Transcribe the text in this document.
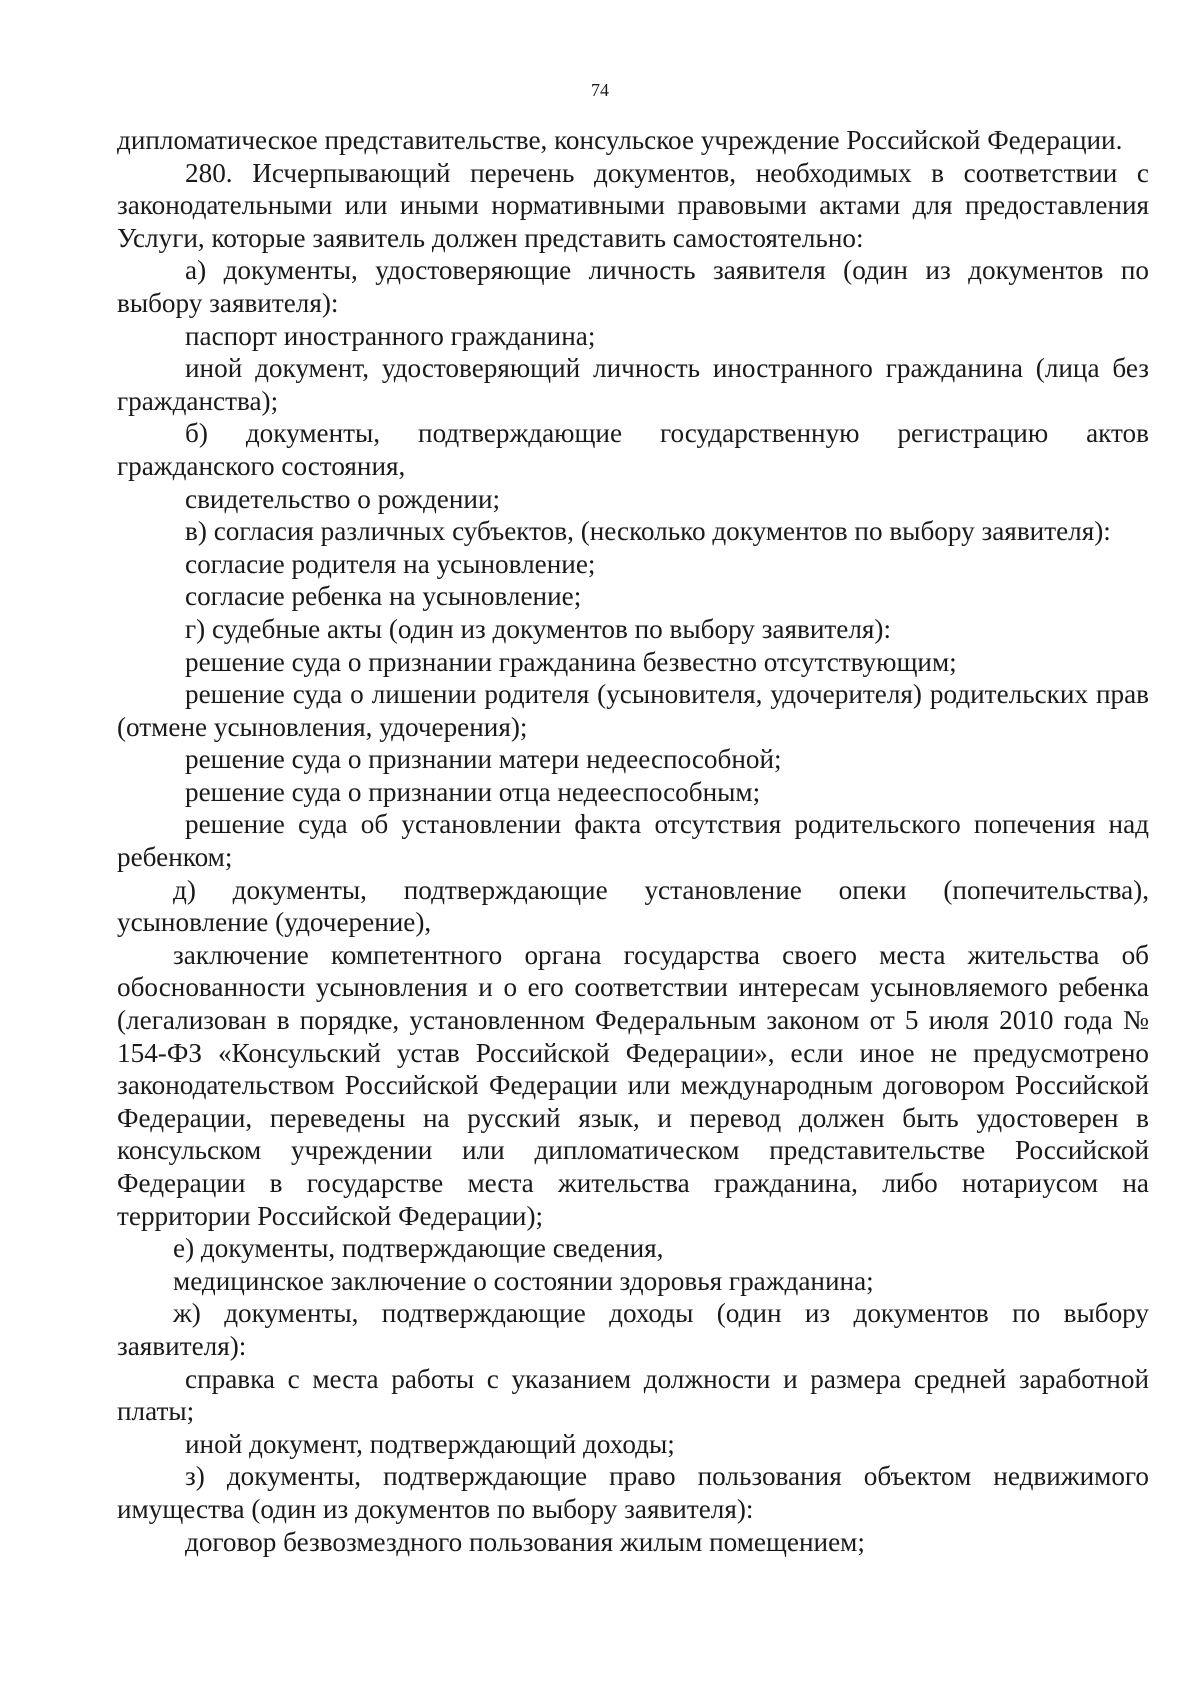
74

дипломатическое представительстве, консульское учреждение Российской Федерации.

280. Исчерпывающий перечень документов, необходимых в соответствии с законодательными или иными нормативными правовыми актами для предоставления Услуги, которые заявитель должен представить самостоятельно:

а) документы, удостоверяющие личность заявителя (один из документов по выбору заявителя):

паспорт иностранного гражданина;

иной документ, удостоверяющий личность иностранного гражданина (лица без гражданства);

б) документы, подтверждающие государственную регистрацию актов гражданского состояния,

свидетельство о рождении;

в) согласия различных субъектов, (несколько документов по выбору заявителя):

согласие родителя на усыновление;

согласие ребенка на усыновление;

г) судебные акты (один из документов по выбору заявителя):

решение суда о признании гражданина безвестно отсутствующим;

решение суда о лишении родителя (усыновителя, удочерителя) родительских прав (отмене усыновления, удочерения);

решение суда о признании матери недееспособной;

решение суда о признании отца недееспособным;

решение суда об установлении факта отсутствия родительского попечения над ребенком;

д) документы, подтверждающие установление опеки (попечительства), усыновление (удочерение),

заключение компетентного органа государства своего места жительства об обоснованности усыновления и о его соответствии интересам усыновляемого ребенка (легализован в порядке, установленном Федеральным законом от 5 июля 2010 года № 154-ФЗ «Консульский устав Российской Федерации», если иное не предусмотрено законодательством Российской Федерации или международным договором Российской Федерации, переведены на русский язык, и перевод должен быть удостоверен в консульском учреждении или дипломатическом представительстве Российской Федерации в государстве места жительства гражданина, либо нотариусом на территории Российской Федерации);

е) документы, подтверждающие сведения,

медицинское заключение о состоянии здоровья гражданина;

ж) документы, подтверждающие доходы (один из документов по выбору заявителя):

справка с места работы с указанием должности и размера средней заработной платы;

иной документ, подтверждающий доходы;

з) документы, подтверждающие право пользования объектом недвижимого имущества (один из документов по выбору заявителя):

договор безвозмездного пользования жилым помещением;
